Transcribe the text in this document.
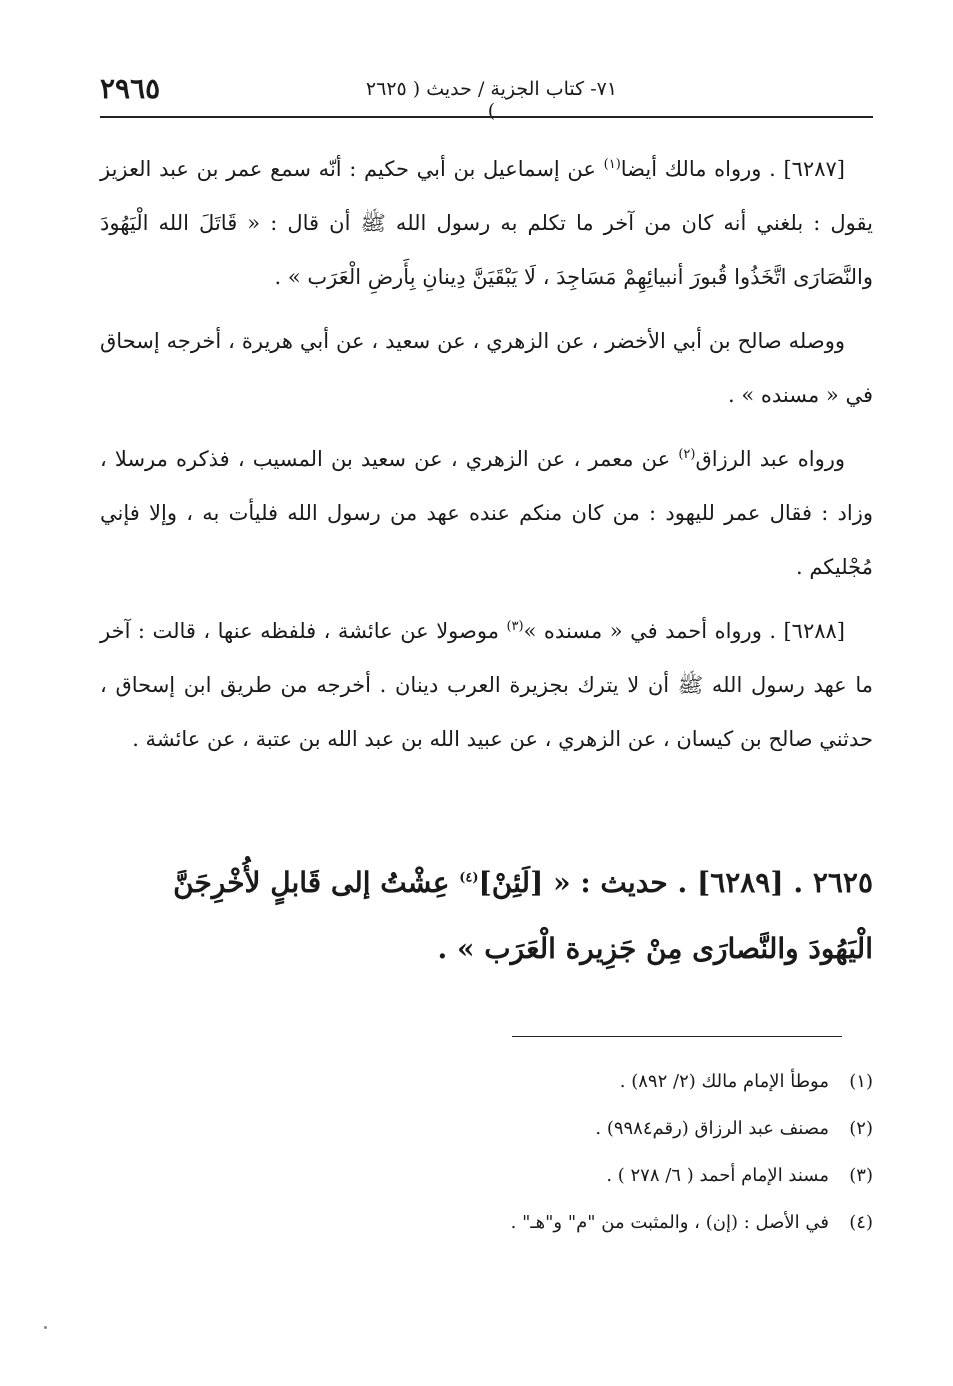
٧١- كتاب الجزية / حديث ( ٢٦٢٥ )
٢٩٦٥

[٦٢٨٧] . ورواه مالك أيضا$^{(١)}$ عن إسماعيل بن أبي حكيم : أنّه سمع عمر بن عبد العزيز يقول : بلغني أنه كان من آخر ما تكلم به رسول الله ﷺ أن قال : « قَاتَلَ الله الْيَهُودَ والنَّصَارَى اتَّخَذُوا قُبورَ أنبيائِهِمْ مَسَاجِدَ ، لَا يَبْقَيَنَّ دِينانِ بِأَرضِ الْعَرَب » .

ووصله صالح بن أبي الأخضر ، عن الزهري ، عن سعيد ، عن أبي هريرة ، أخرجه إسحاق في « مسنده » .

ورواه عبد الرزاق$^{(٢)}$ عن معمر ، عن الزهري ، عن سعيد بن المسيب ، فذكره مرسلا ، وزاد : فقال عمر لليهود : من كان منكم عنده عهد من رسول الله فليأت به ، وإلا فإني مُجْليكم .

[٦٢٨٨] . ورواه أحمد في « مسنده »$^{(٣)}$ موصولا عن عائشة ، فلفظه عنها ، قالت : آخر ما عهد رسول الله ﷺ أن لا يترك بجزيرة العرب دينان . أخرجه من طريق ابن إسحاق ، حدثني صالح بن كيسان ، عن الزهري ، عن عبيد الله بن عبد الله بن عتبة ، عن عائشة .

٢٦٢٥ . [٦٢٨٩] . حديث : « [لَئِنْ]$^{(٤)}$ عِشْتُ إلى قَابلٍ لأُخْرِجَنَّ الْيَهُودَ والنَّصارَى مِنْ جَزِيرة الْعَرَب » .
(١)
موطأ الإمام مالك (٢/ ٨٩٢) .
(٢)
مصنف عبد الرزاق (رقم٩٩٨٤) .
(٣)
مسند الإمام أحمد ( ٦/ ٢٧٨ ) .
(٤)
في الأصل : (إن) ، والمثبت من "م" و"هـ" .
